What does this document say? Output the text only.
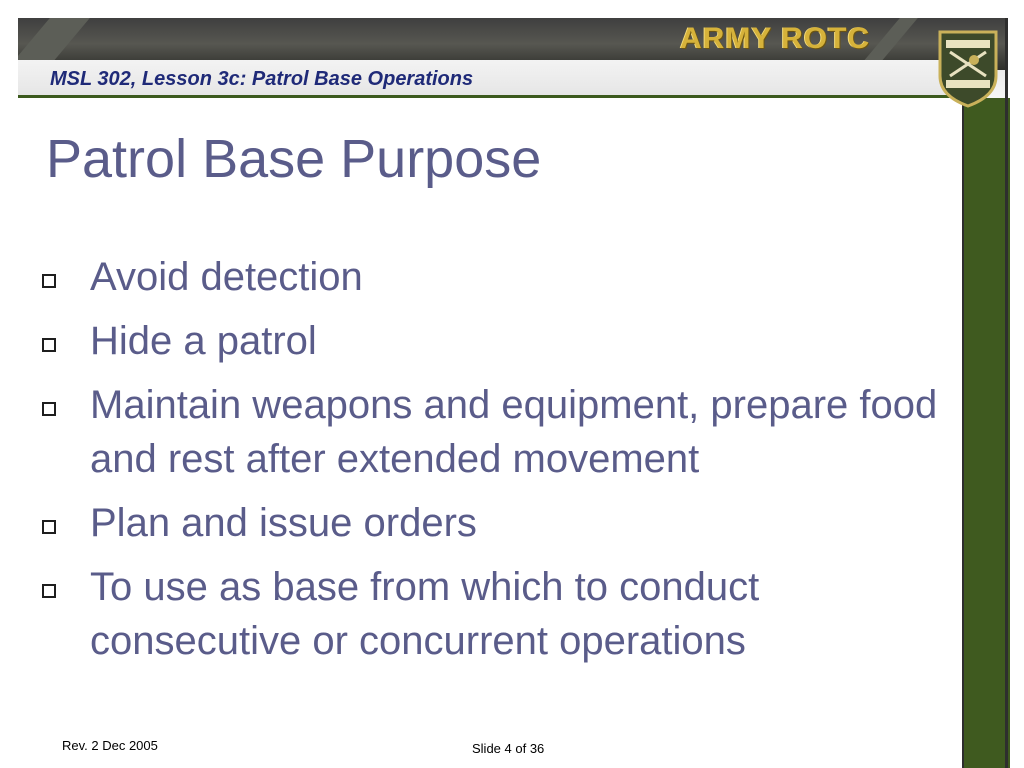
MSL 302, Lesson 3c: Patrol Base Operations
ARMY ROTC
Patrol Base Purpose
Avoid detection
Hide a patrol
Maintain weapons and equipment, prepare food and rest after extended movement
Plan and issue orders
To use as base from which to conduct consecutive or concurrent operations
Rev. 2 Dec 2005	Slide 4 of 36
